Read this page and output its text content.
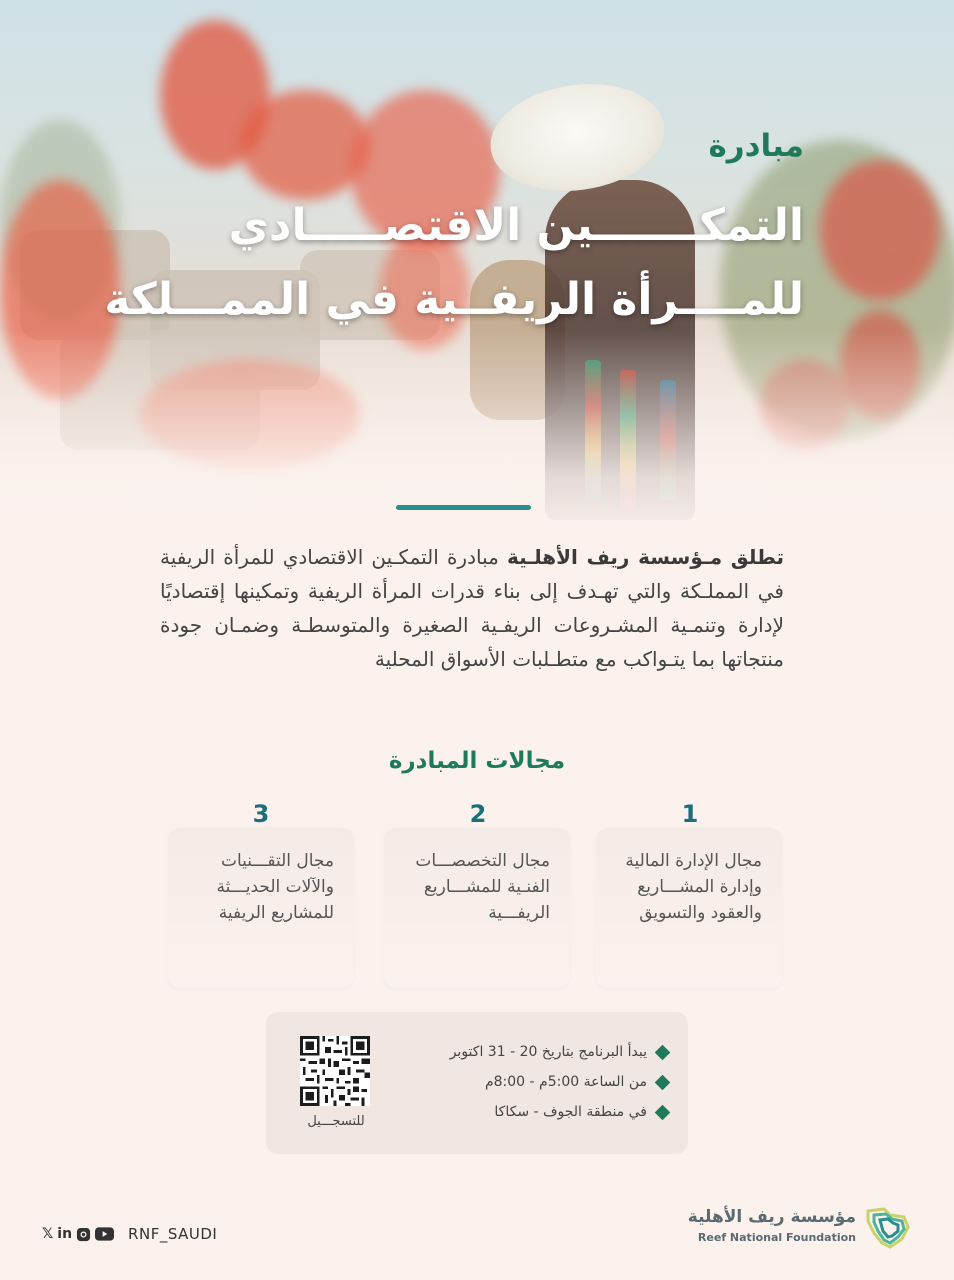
مبادرة
التمكـــــــين الاقتصـــــادي
للمــــرأة الريفــية في الممـــلكة
تطلق مـؤسسة ريف الأهلـية مبادرة التمكـين الاقتصادي للمرأة الريفية في المملـكة والتي تهـدف إلى بناء قدرات المرأة الريفية وتمكينها إقتصاديًا لإدارة وتنمـية المشـروعات الريفـية الصغيرة والمتوسطـة وضمـان جودة منتجاتها بما يتـواكب مع متطـلبات الأسواق المحلية
مجالات المبادرة
1
مجال الإدارة المالية وإدارة المشـــاريع والعقود والتسويق
2
مجال التخصصـــات الفنـية للمشـــاريع الريفـــية
3
مجال التقـــنيات والآلات الحديـــثة للمشاريع الريفية
يبدأ البرنامج بتاريخ 20 - 31 اكتوبر
من الساعة 5:00م - 8:00م
في منطقة الجوف - سكاكا
للتسجـــيل
𝕏 in	RNF_SAUDI
مؤسسة ريف الأهلية
Reef National Foundation
